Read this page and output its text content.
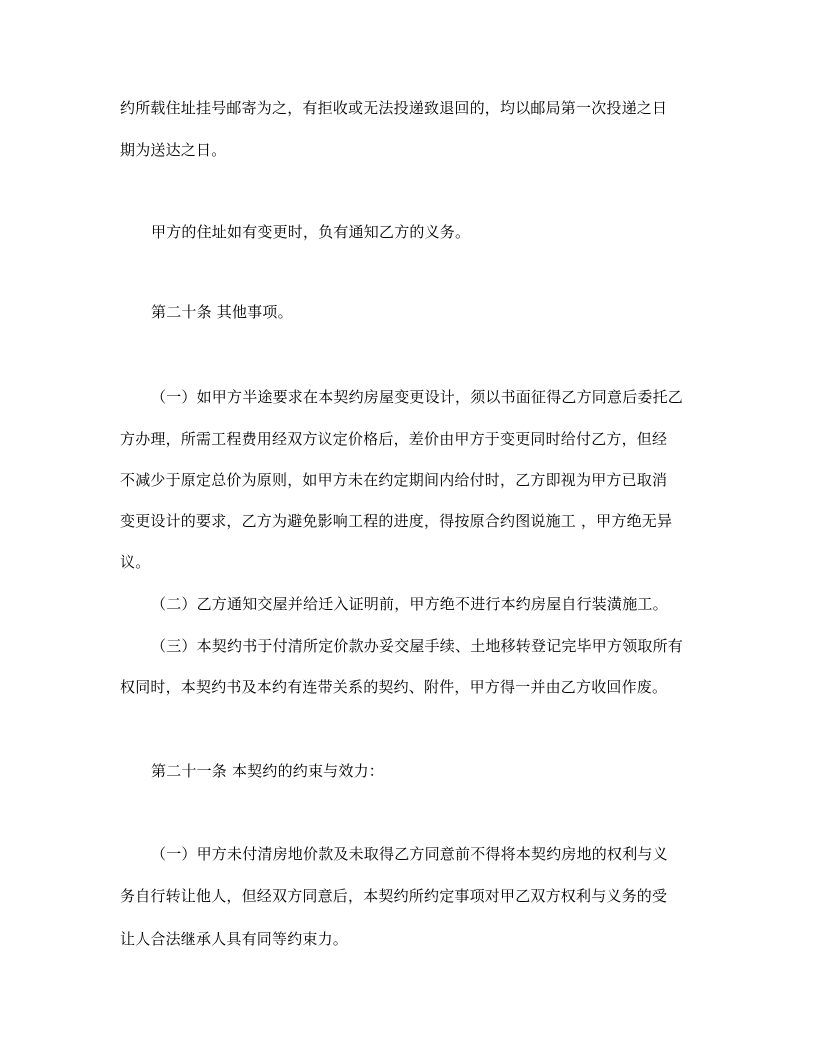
约所载住址挂号邮寄为之，有拒收或无法投递致退回的，均以邮局第一次投递之日
期为送达之日。
甲方的住址如有变更时，负有通知乙方的义务。
第二十条 其他事项。
（一）如甲方半途要求在本契约房屋变更设计，须以书面征得乙方同意后委托乙
方办理，所需工程费用经双方议定价格后，差价由甲方于变更同时给付乙方，但经
不减少于原定总价为原则，如甲方未在约定期间内给付时，乙方即视为甲方已取消
变更设计的要求，乙方为避免影响工程的进度，得按原合约图说施工 ，甲方绝无异
议。
（二）乙方通知交屋并给迁入证明前，甲方绝不进行本约房屋自行装潢施工。
（三）本契约书于付清所定价款办妥交屋手续、土地移转登记完毕甲方领取所有
权同时，本契约书及本约有连带关系的契约、附件，甲方得一并由乙方收回作废。
第二十一条 本契约的约束与效力：
（一）甲方未付清房地价款及未取得乙方同意前不得将本契约房地的权利与义
务自行转让他人，但经双方同意后，本契约所约定事项对甲乙双方权利与义务的受
让人合法继承人具有同等约束力。
